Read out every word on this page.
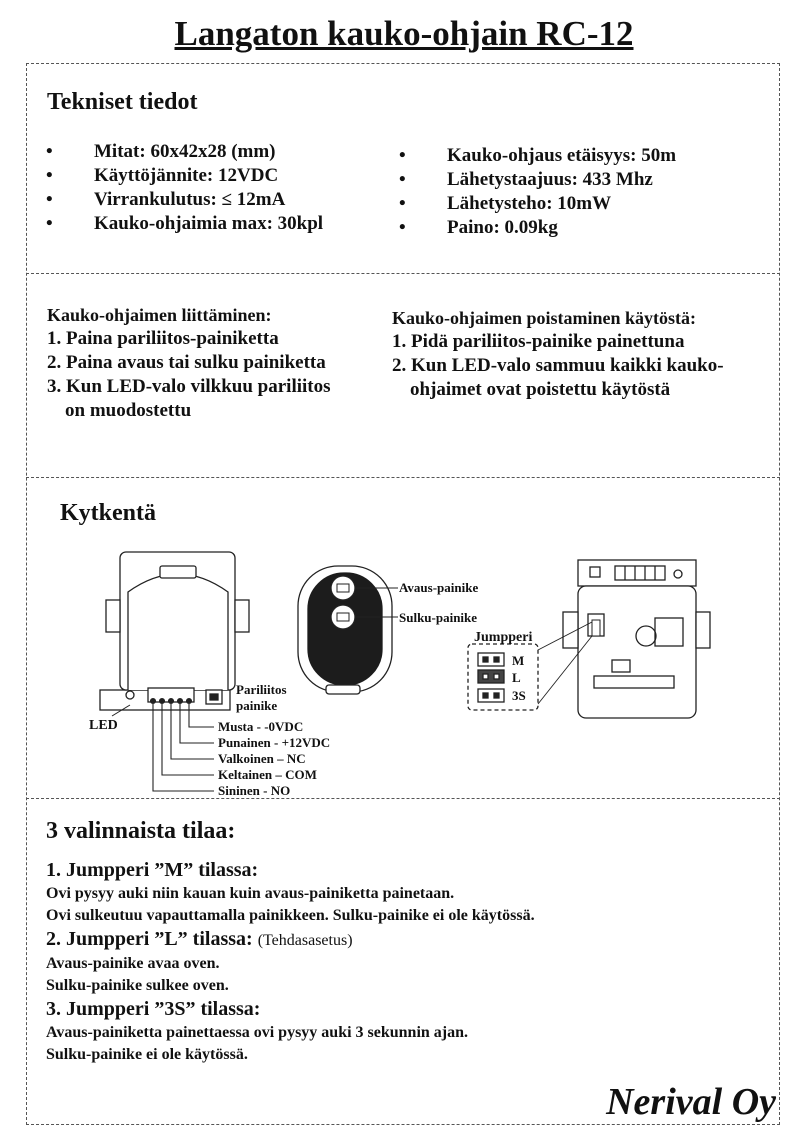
Langaton kauko-ohjain RC-12
Tekniset tiedot
• Mitat: 60x42x28 (mm)
• Käyttöjännite: 12VDC
• Virrankulutus: ≤ 12mA
• Kauko-ohjaimia max: 30kpl
• Kauko-ohjaus etäisyys: 50m
• Lähetystaajuus: 433 Mhz
• Lähetysteho: 10mW
• Paino: 0.09kg
Kauko-ohjaimen liittäminen:
1. Paina pariliitos-painiketta
2. Paina avaus tai sulku painiketta
3. Kun LED-valo vilkkuu pariliitos
on muodostettu
Kauko-ohjaimen poistaminen käytöstä:
1. Pidä pariliitos-painike painettuna
2. Kun LED-valo sammuu kaikki kauko-
ohjaimet ovat poistettu käytöstä
Kytkentä
LED
Pariliitos
painike
Musta - -0VDC
Punainen - +12VDC
Valkoinen – NC
Keltainen – COM
Sininen - NO
Avaus-painike
Sulku-painike
Jumpperi
M
L
3S
3 valinnaista tilaa:
1. Jumpperi ”M” tilassa:
Ovi pysyy auki niin kauan kuin avaus-painiketta painetaan.
Ovi sulkeutuu vapauttamalla painikkeen. Sulku-painike ei ole käytössä.
2. Jumpperi ”L” tilassa: (Tehdasasetus)
Avaus-painike avaa oven.
Sulku-painike sulkee oven.
3. Jumpperi ”3S” tilassa:
Avaus-painiketta painettaessa ovi pysyy auki 3 sekunnin ajan.
Sulku-painike ei ole käytössä.
Nerival Oy
